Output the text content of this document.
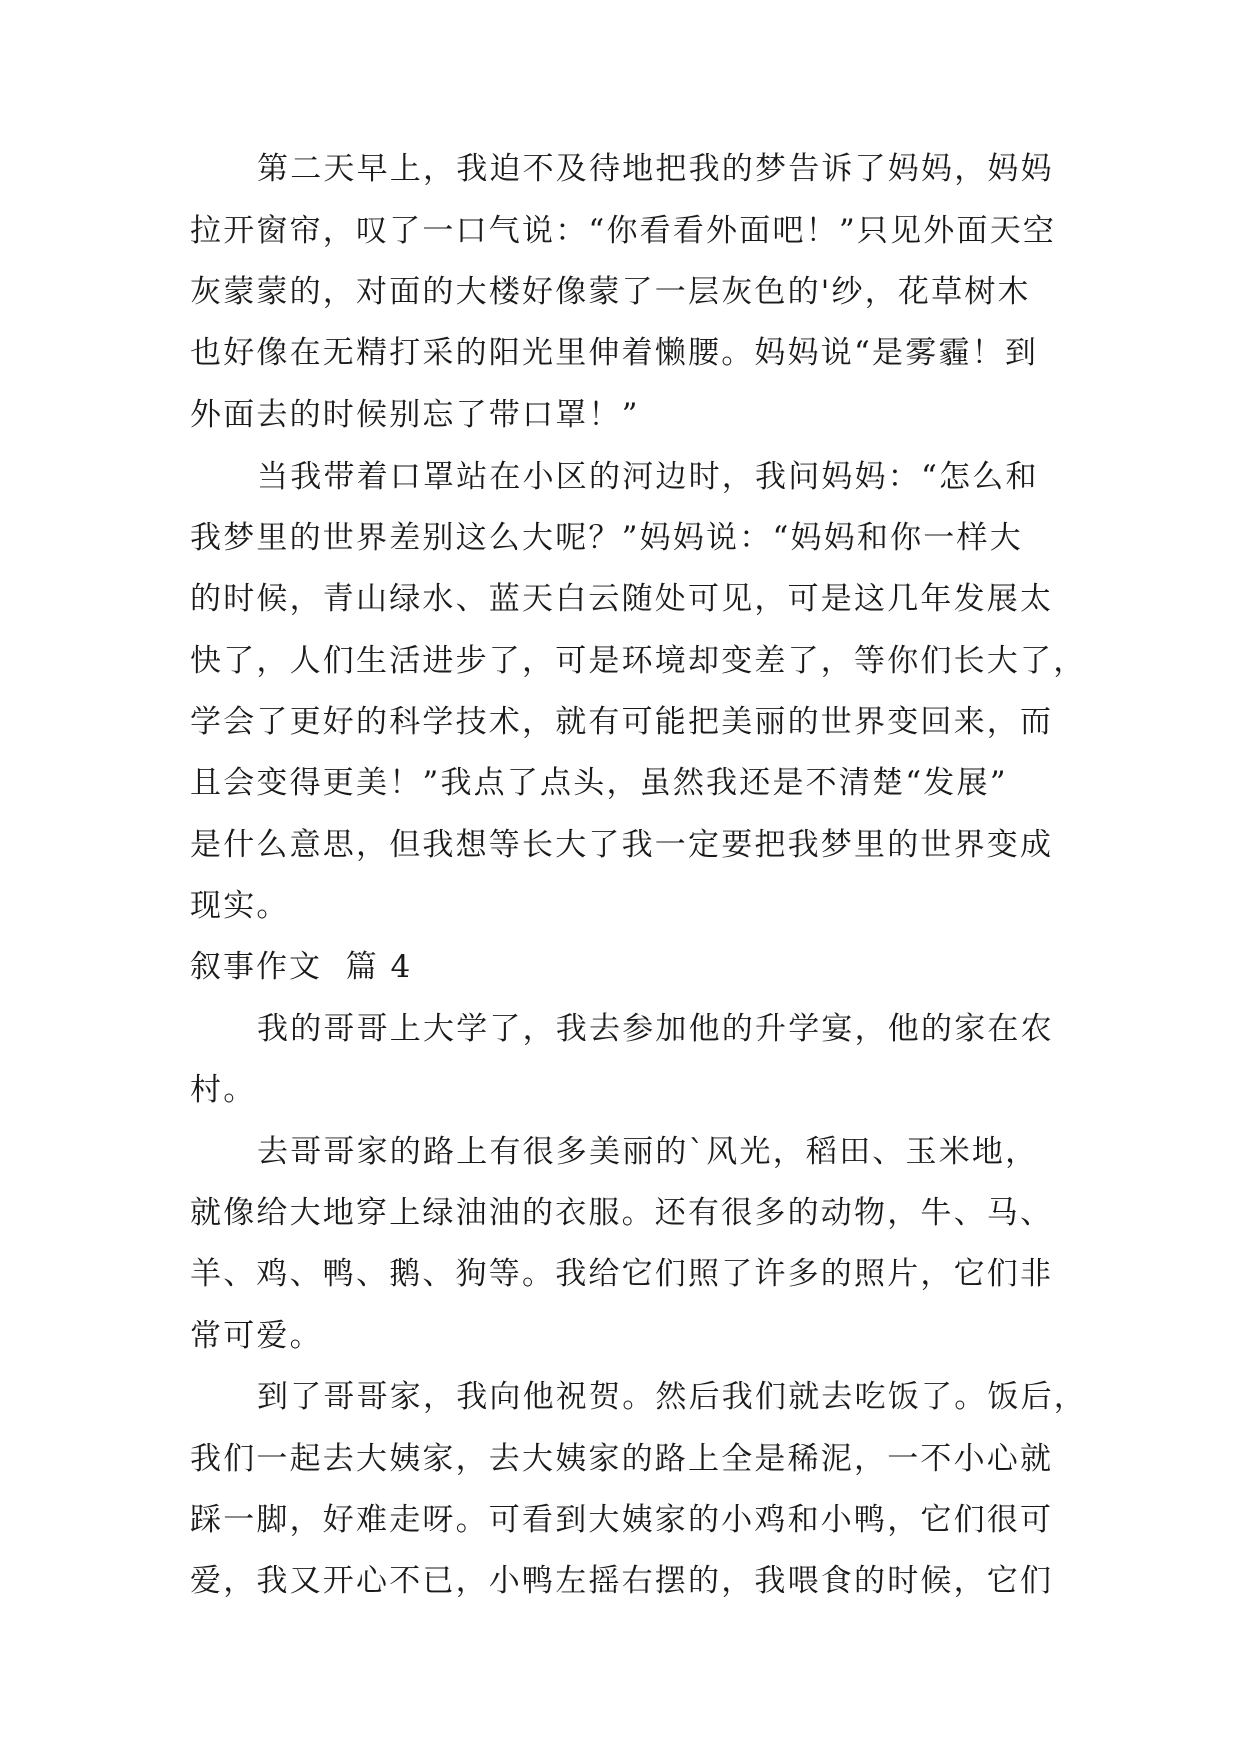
第二天早上，我迫不及待地把我的梦告诉了妈妈，妈妈
拉开窗帘，叹了一口气说：“你看看外面吧！”只见外面天空
灰蒙蒙的，对面的大楼好像蒙了一层灰色的'纱，花草树木
也好像在无精打采的阳光里伸着懒腰。妈妈说“是雾霾！到
外面去的时候别忘了带口罩！”
当我带着口罩站在小区的河边时，我问妈妈：“怎么和
我梦里的世界差别这么大呢？”妈妈说：“妈妈和你一样大
的时候，青山绿水、蓝天白云随处可见，可是这几年发展太
快了，人们生活进步了，可是环境却变差了，等你们长大了，
学会了更好的科学技术，就有可能把美丽的世界变回来，而
且会变得更美！”我点了点头，虽然我还是不清楚“发展”
是什么意思，但我想等长大了我一定要把我梦里的世界变成
现实。
叙事作文  篇 4
我的哥哥上大学了，我去参加他的升学宴，他的家在农
村。
去哥哥家的路上有很多美丽的`风光，稻田、玉米地，
就像给大地穿上绿油油的衣服。还有很多的动物，牛、马、
羊、鸡、鸭、鹅、狗等。我给它们照了许多的照片，它们非
常可爱。
到了哥哥家，我向他祝贺。然后我们就去吃饭了。饭后，
我们一起去大姨家，去大姨家的路上全是稀泥，一不小心就
踩一脚，好难走呀。可看到大姨家的小鸡和小鸭，它们很可
爱，我又开心不已，小鸭左摇右摆的，我喂食的时候，它们
